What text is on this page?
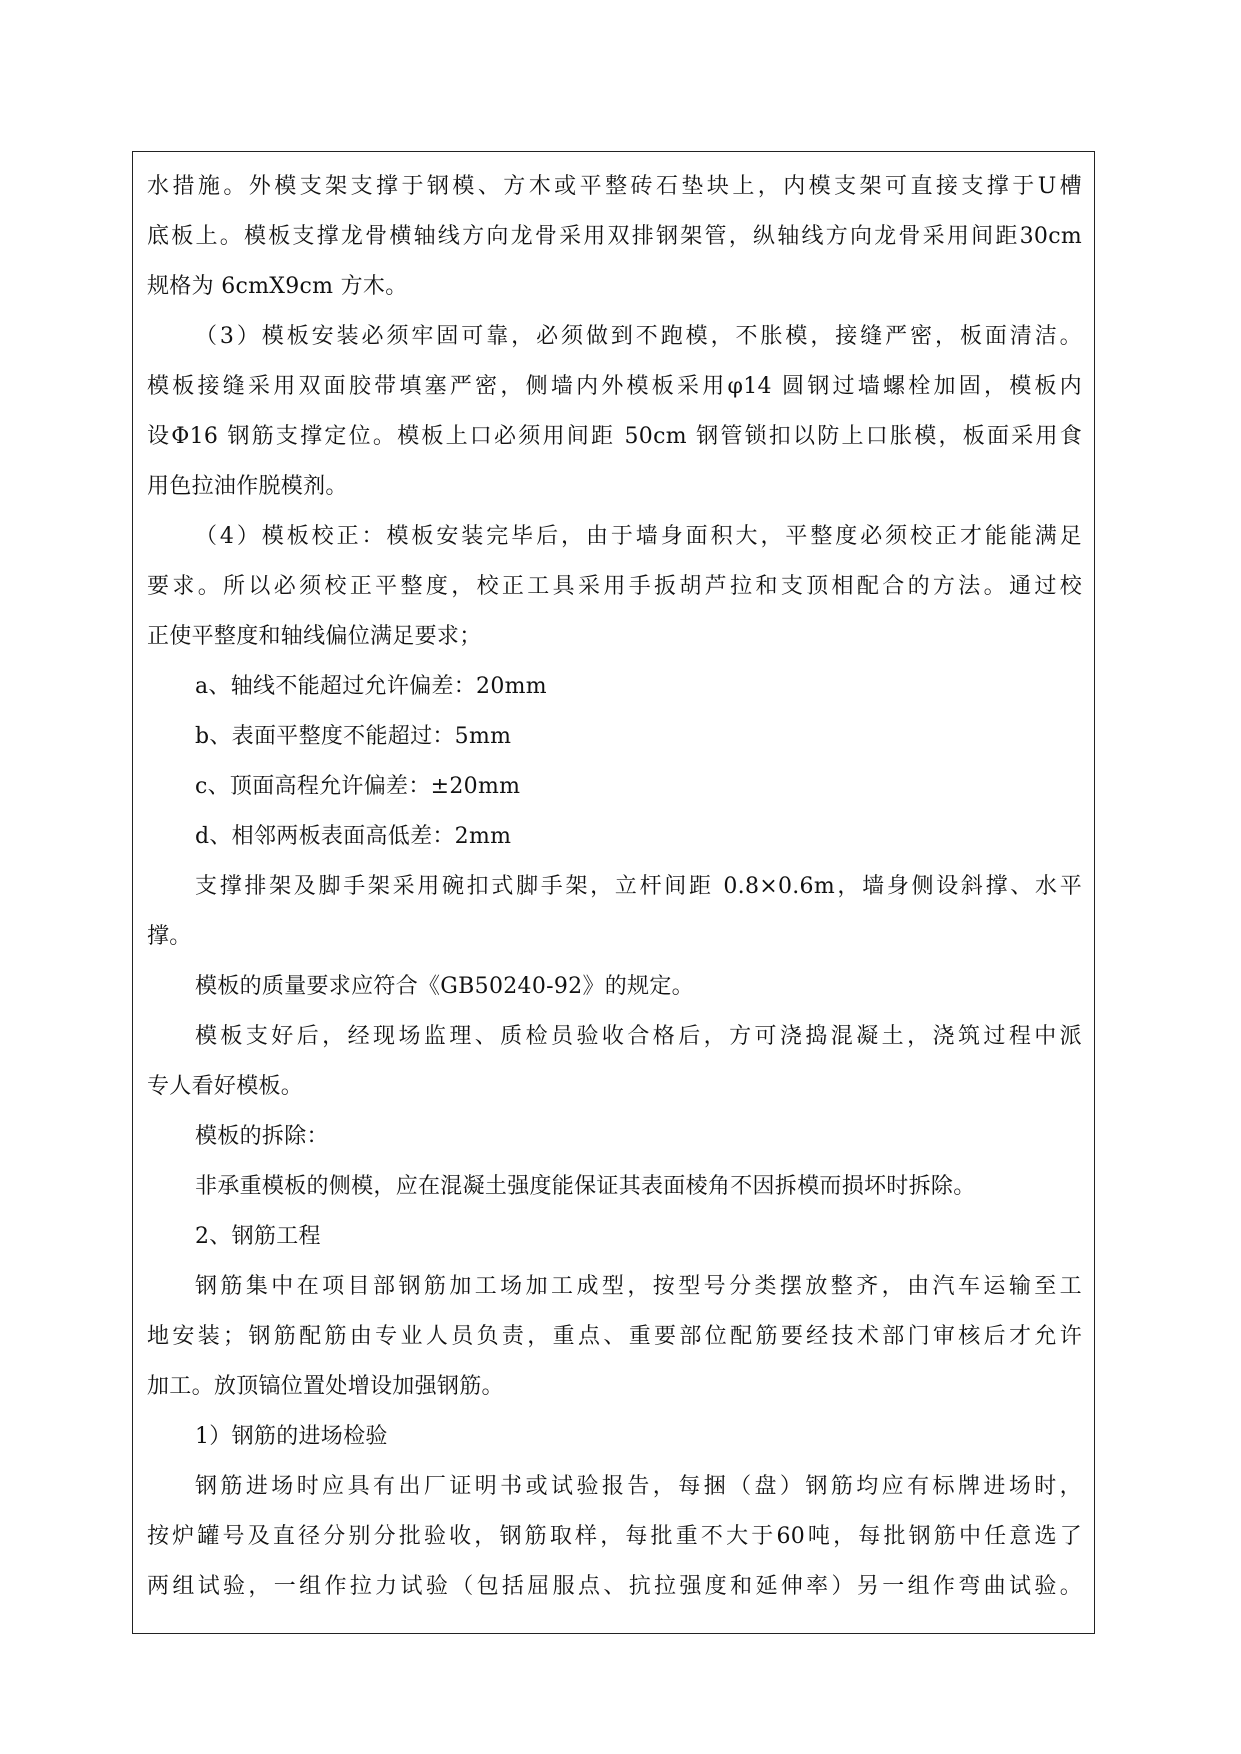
水措施。外模支架支撑于钢模、方木或平整砖石垫块上，内模支架可直接支撑于U槽
底板上。模板支撑龙骨横轴线方向龙骨采用双排钢架管，纵轴线方向龙骨采用间距30cm
规格为 6cmX9cm 方木。
（3）模板安装必须牢固可靠，必须做到不跑模，不胀模，接缝严密，板面清洁。
模板接缝采用双面胶带填塞严密，侧墙内外模板采用φ14 圆钢过墙螺栓加固，模板内
设Φ16 钢筋支撑定位。模板上口必须用间距 50cm 钢管锁扣以防上口胀模，板面采用食
用色拉油作脱模剂。
（4）模板校正：模板安装完毕后，由于墙身面积大，平整度必须校正才能能满足
要求。所以必须校正平整度，校正工具采用手扳胡芦拉和支顶相配合的方法。通过校
正使平整度和轴线偏位满足要求；
a、轴线不能超过允许偏差：20mm
b、表面平整度不能超过：5mm
c、顶面高程允许偏差：±20mm
d、相邻两板表面高低差：2mm
支撑排架及脚手架采用碗扣式脚手架，立杆间距 0.8×0.6m，墙身侧设斜撑、水平
撑。
模板的质量要求应符合《GB50240-92》的规定。
模板支好后，经现场监理、质检员验收合格后，方可浇捣混凝土，浇筑过程中派
专人看好模板。
模板的拆除：
非承重模板的侧模，应在混凝土强度能保证其表面棱角不因拆模而损坏时拆除。
2、钢筋工程
钢筋集中在项目部钢筋加工场加工成型，按型号分类摆放整齐，由汽车运输至工
地安装；钢筋配筋由专业人员负责，重点、重要部位配筋要经技术部门审核后才允许
加工。放顶镐位置处增设加强钢筋。
1）钢筋的进场检验
钢筋进场时应具有出厂证明书或试验报告，每捆（盘）钢筋均应有标牌进场时，
按炉罐号及直径分别分批验收，钢筋取样，每批重不大于60吨，每批钢筋中任意选了
两组试验，一组作拉力试验（包括屈服点、抗拉强度和延伸率）另一组作弯曲试验。
